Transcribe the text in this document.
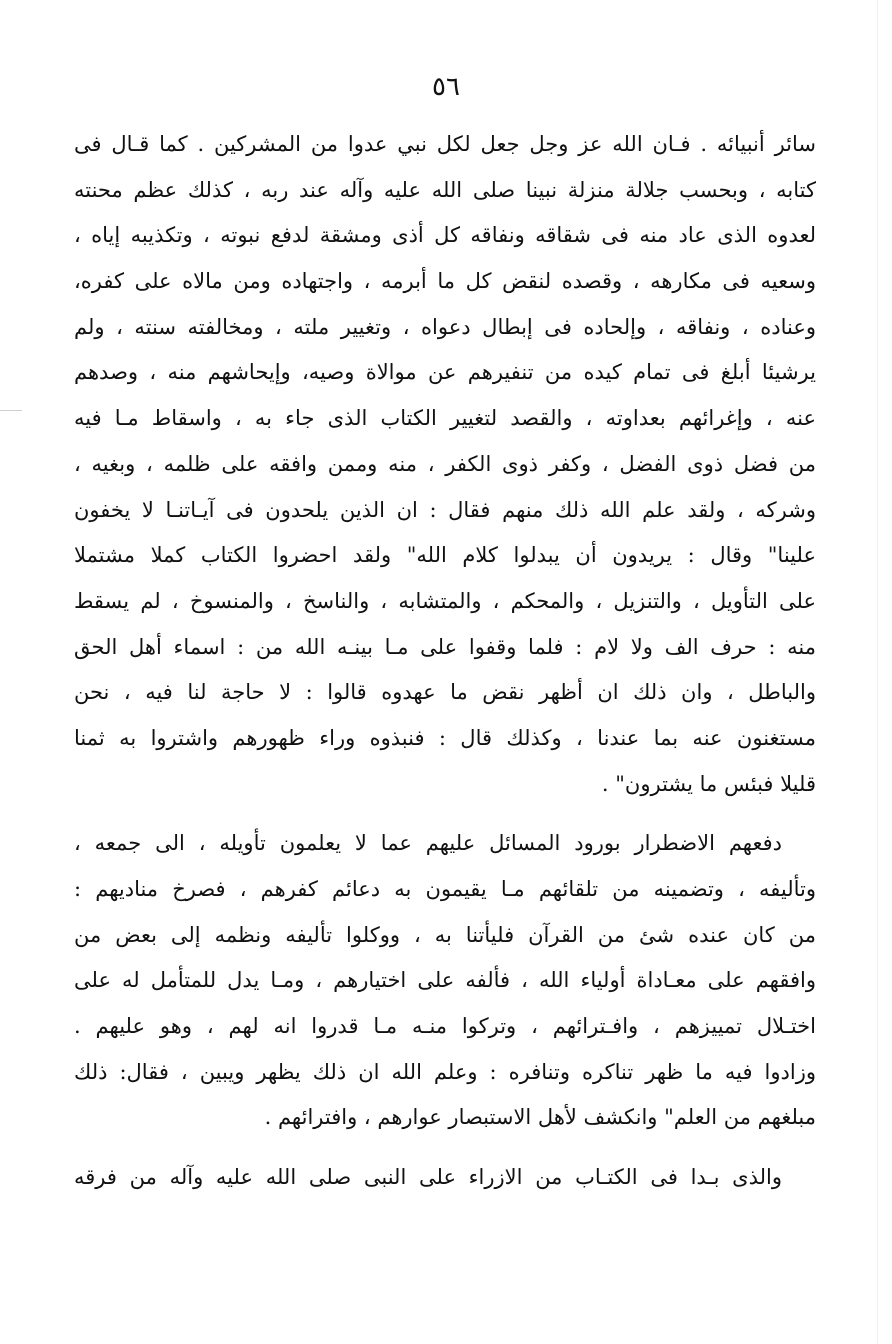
٥٦
سائر أنبيائه . فـان الله عز وجل جعل لكل نبي عدوا من المشركين . كما قـال فى
كتابه ، وبحسب جلالة منزلة نبينا صلى الله عليه وآله عند ربه ، كذلك عظم محنته
لعدوه الذى عاد منه فى شقاقه ونفاقه كل أذى ومشقة لدفع نبوته ، وتكذيبه إياه ،
وسعيه فى مكارهه ، وقصده لنقض كل ما أبرمه ، واجتهاده ومن مالاه على كفره،
وعناده ، ونفاقه ، وإلحاده فى إبطال دعواه ، وتغيير ملته ، ومخالفته سنته ، ولم
يرشيئا أبلغ فى تمام كيده من تنفيرهم عن موالاة وصيه، وإيحاشهم منه ، وصدهم
عنه ، وإغرائهم بعداوته ، والقصد لتغيير الكتاب الذى جاء به ، واسقاط مـا فيه
من فضل ذوى الفضل ، وكفر ذوى الكفر ، منه وممن وافقه على ظلمه ، وبغيه ،
وشركه ، ولقد علم الله ذلك منهم فقال : ان الذين يلحدون فى آيـاتنـا لا يخفون
علينا" وقال : يريدون أن يبدلوا كلام الله" ولقد احضروا الكتاب كملا مشتملا
على التأويل ، والتنزيل ، والمحكم ، والمتشابه ، والناسخ ، والمنسوخ ، لم يسقط
منه : حرف الف ولا لام : فلما وقفوا على مـا بينـه الله من : اسماء أهل الحق
والباطل ، وان ذلك ان أظهر نقض ما عهدوه قالوا : لا حاجة لنا فيه ، نحن
مستغنون عنه بما عندنا ، وكذلك قال : فنبذوه وراء ظهورهم واشتروا به ثمنا
قليلا فبئس ما يشترون" .
دفعهم الاضطرار بورود المسائل عليهم عما لا يعلمون تأويله ، الى جمعه ،
وتأليفه ، وتضمينه من تلقائهم مـا يقيمون به دعائم كفرهم ، فصرخ مناديهم :
من كان عنده شئ من القرآن فليأتنا به ، ووكلوا تأليفه ونظمه إلى بعض من
وافقهم على معـاداة أولياء الله ، فألفه على اختيارهم ، ومـا يدل للمتأمل له على
اختـلال تمييزهم ، وافـترائهم ، وتركوا منـه مـا قدروا انه لهم ، وهو عليهم .
وزادوا فيه ما ظهر تناكره وتنافره : وعلم الله ان ذلك يظهر ويبين ، فقال: ذلك
مبلغهم من العلم" وانكشف لأهل الاستبصار عوارهم ، وافترائهم .
والذى بـدا فى الكتـاب من الازراء على النبى صلى الله عليه وآله من فرقه
